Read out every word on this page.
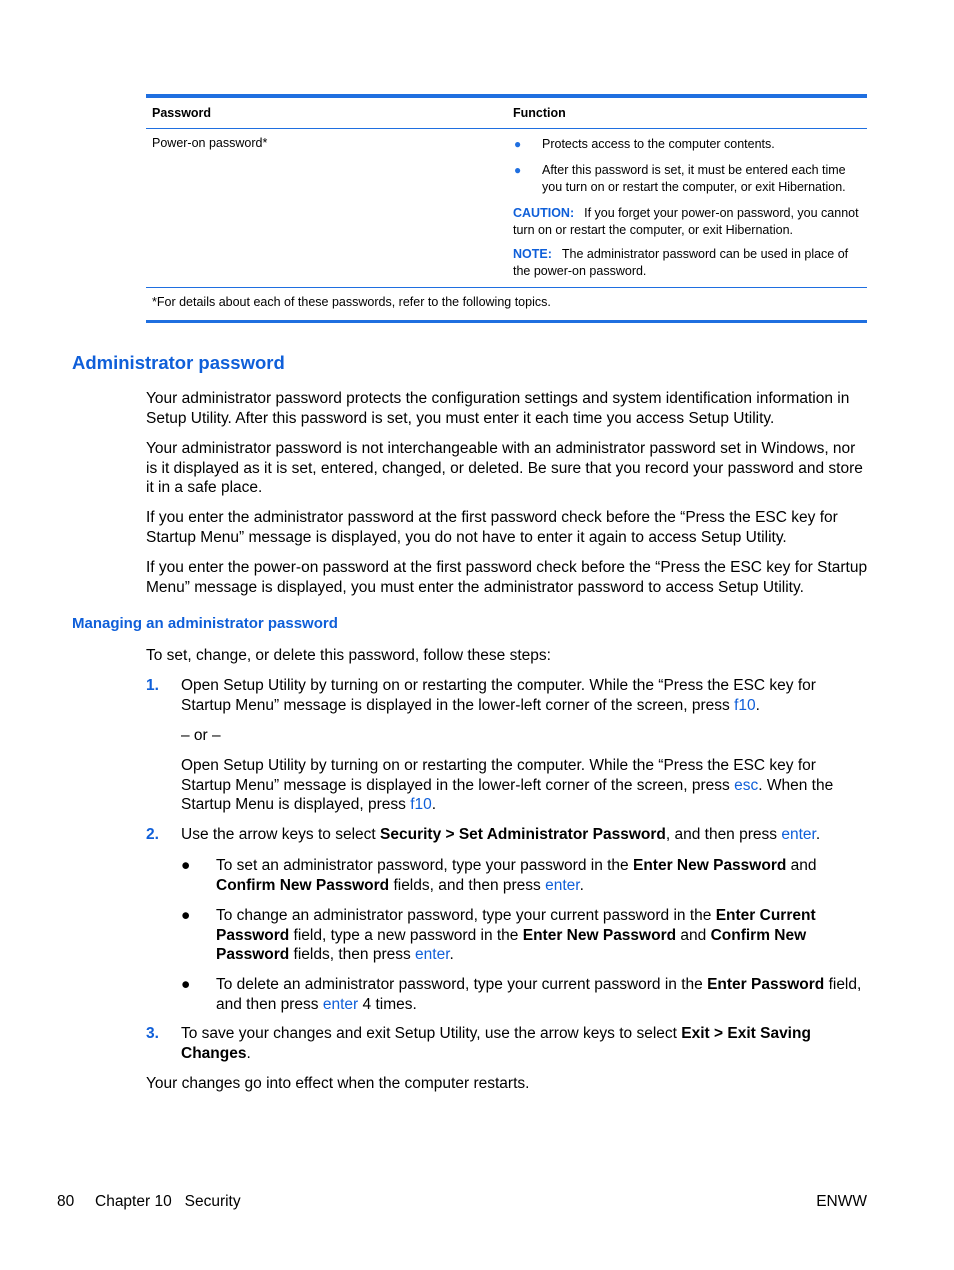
Password	Function
Power-on password*	● Protects access to the computer contents.
● After this password is set, it must be entered each time you turn on or restart the computer, or exit Hibernation.
CAUTION: If you forget your power-on password, you cannot turn on or restart the computer, or exit Hibernation.
NOTE: The administrator password can be used in place of the power-on password.
*For details about each of these passwords, refer to the following topics.
Administrator password

Your administrator password protects the configuration settings and system identification information in Setup Utility. After this password is set, you must enter it each time you access Setup Utility.

Your administrator password is not interchangeable with an administrator password set in Windows, nor is it displayed as it is set, entered, changed, or deleted. Be sure that you record your password and store it in a safe place.

If you enter the administrator password at the first password check before the “Press the ESC key for Startup Menu” message is displayed, you do not have to enter it again to access Setup Utility.

If you enter the power-on password at the first password check before the “Press the ESC key for Startup Menu” message is displayed, you must enter the administrator password to access Setup Utility.

Managing an administrator password
To set, change, or delete this password, follow these steps:
1. Open Setup Utility by turning on or restarting the computer. While the “Press the ESC key for Startup Menu” message is displayed in the lower-left corner of the screen, press f10.
– or –
Open Setup Utility by turning on or restarting the computer. While the “Press the ESC key for Startup Menu” message is displayed in the lower-left corner of the screen, press esc. When the Startup Menu is displayed, press f10.
2. Use the arrow keys to select Security > Set Administrator Password, and then press enter.
● To set an administrator password, type your password in the Enter New Password and Confirm New Password fields, and then press enter.
● To change an administrator password, type your current password in the Enter Current Password field, type a new password in the Enter New Password and Confirm New Password fields, then press enter.
● To delete an administrator password, type your current password in the Enter Password field, and then press enter 4 times.
3. To save your changes and exit Setup Utility, use the arrow keys to select Exit > Exit Saving Changes.
Your changes go into effect when the computer restarts.
80 Chapter 10   Security	ENWW
